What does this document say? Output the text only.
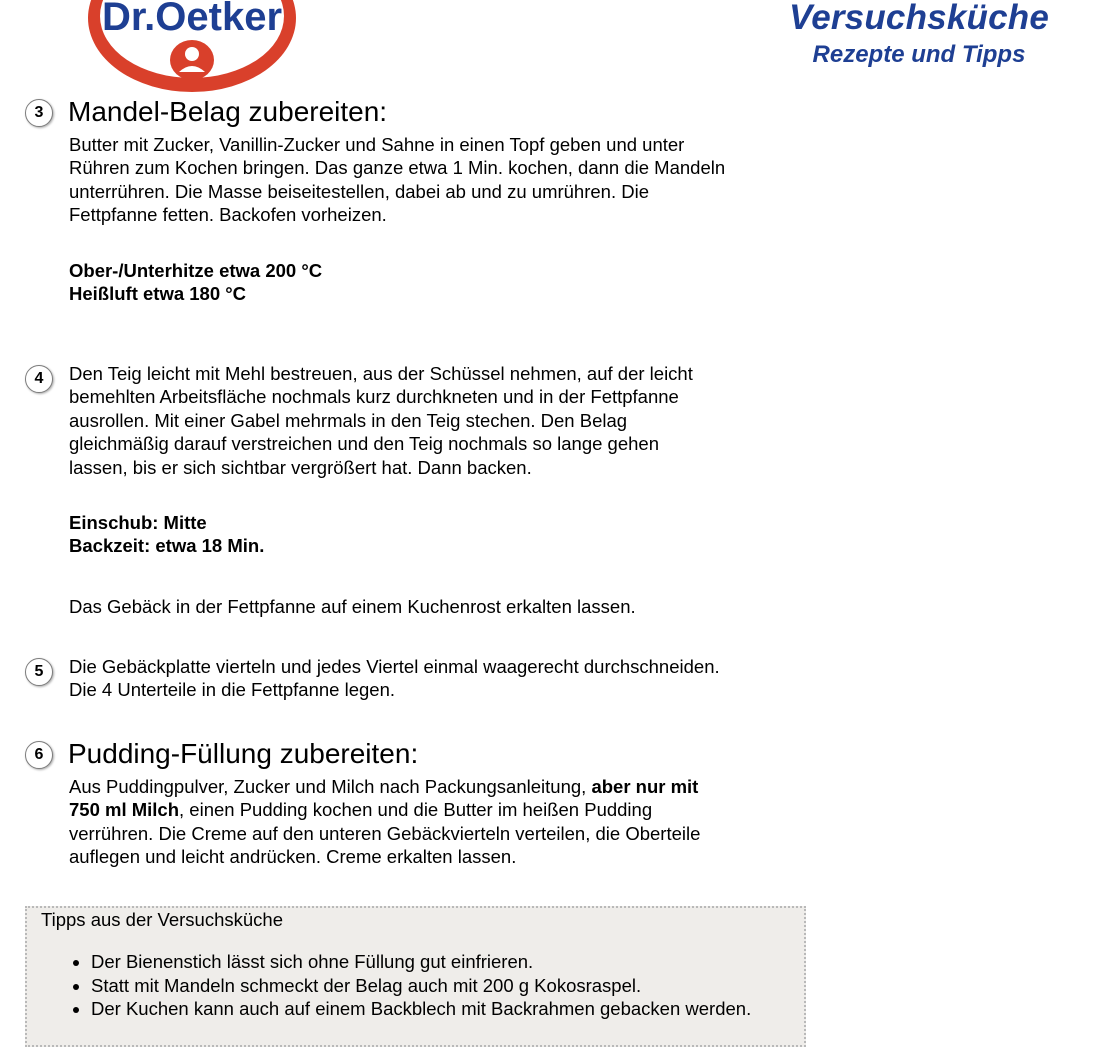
Dr.Oetker	Versuchsküche
Rezepte und Tipps
3 Mandel-Belag zubereiten:
Butter mit Zucker, Vanillin-Zucker und Sahne in einen Topf geben und unter
Rühren zum Kochen bringen. Das ganze etwa 1 Min. kochen, dann die Mandeln
unterrühren. Die Masse beiseitestellen, dabei ab und zu umrühren. Die
Fettpfanne fetten. Backofen vorheizen.
Ober-/Unterhitze etwa 200 °C
Heißluft etwa 180 °C
4	Den Teig leicht mit Mehl bestreuen, aus der Schüssel nehmen, auf der leicht
bemehlten Arbeitsfläche nochmals kurz durchkneten und in der Fettpfanne
ausrollen. Mit einer Gabel mehrmals in den Teig stechen. Den Belag
gleichmäßig darauf verstreichen und den Teig nochmals so lange gehen
lassen, bis er sich sichtbar vergrößert hat. Dann backen.
Einschub: Mitte
Backzeit: etwa 18 Min.
Das Gebäck in der Fettpfanne auf einem Kuchenrost erkalten lassen.
5	Die Gebäckplatte vierteln und jedes Viertel einmal waagerecht durchschneiden.
Die 4 Unterteile in die Fettpfanne legen.
6 Pudding-Füllung zubereiten:
Aus Puddingpulver, Zucker und Milch nach Packungsanleitung, aber nur mit
750 ml Milch, einen Pudding kochen und die Butter im heißen Pudding
verrühren. Die Creme auf den unteren Gebäckvierteln verteilen, die Oberteile
auflegen und leicht andrücken. Creme erkalten lassen.
Tipps aus der Versuchsküche
• Der Bienenstich lässt sich ohne Füllung gut einfrieren.
• Statt mit Mandeln schmeckt der Belag auch mit 200 g Kokosraspel.
• Der Kuchen kann auch auf einem Backblech mit Backrahmen gebacken werden.
